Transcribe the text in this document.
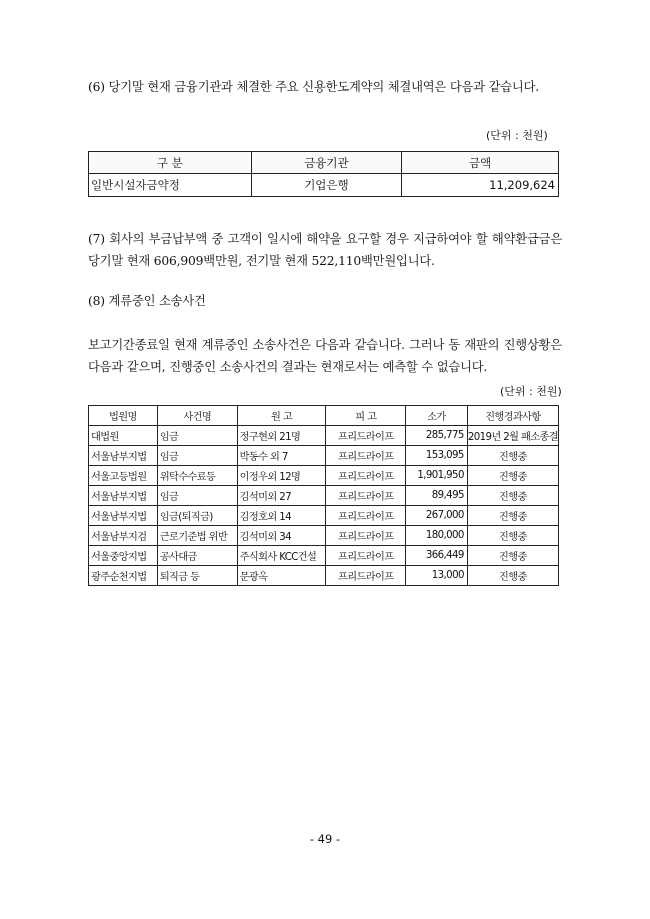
(6) 당기말 현재 금융기관과 체결한 주요 신용한도계약의 체결내역은 다음과 같습니다.
(단위 : 천원)
구 분	금융기관	금액
일반시설자금약정	기업은행	11,209,624
(7) 회사의 부금납부액 중 고객이 일시에 해약을 요구할 경우 지급하여야 할 해약환급금은 당기말 현재 606,909백만원, 전기말 현재 522,110백만원입니다.
(8) 계류중인 소송사건
보고기간종료일 현재 계류중인 소송사건은 다음과 같습니다. 그러나 동 재판의 진행상황은 다음과 같으며, 진행중인 소송사건의 결과는 현재로서는 예측할 수 없습니다.
(단위 : 천원)
법원명	사건명	원 고	피 고	소가	진행경과사항
대법원	임금	정구현외 21명	프리드라이프	285,775	2019년 2월 패소종결
서울남부지법	임금	박동수 외 7	프리드라이프	153,095	진행중
서울고등법원	위탁수수료등	이정우외 12명	프리드라이프	1,901,950	진행중
서울남부지법	임금	김석미외 27	프리드라이프	89,495	진행중
서울남부지법	임금(퇴직금)	김정호외 14	프리드라이프	267,000	진행중
서울남부지검	근로기준법 위반	김석미외 34	프리드라이프	180,000	진행중
서울중앙지법	공사대금	주식회사 KCC건설	프리드라이프	366,449	진행중
광주순천지법	퇴직금 등	문광옥	프리드라이프	13,000	진행중
- 49 -
